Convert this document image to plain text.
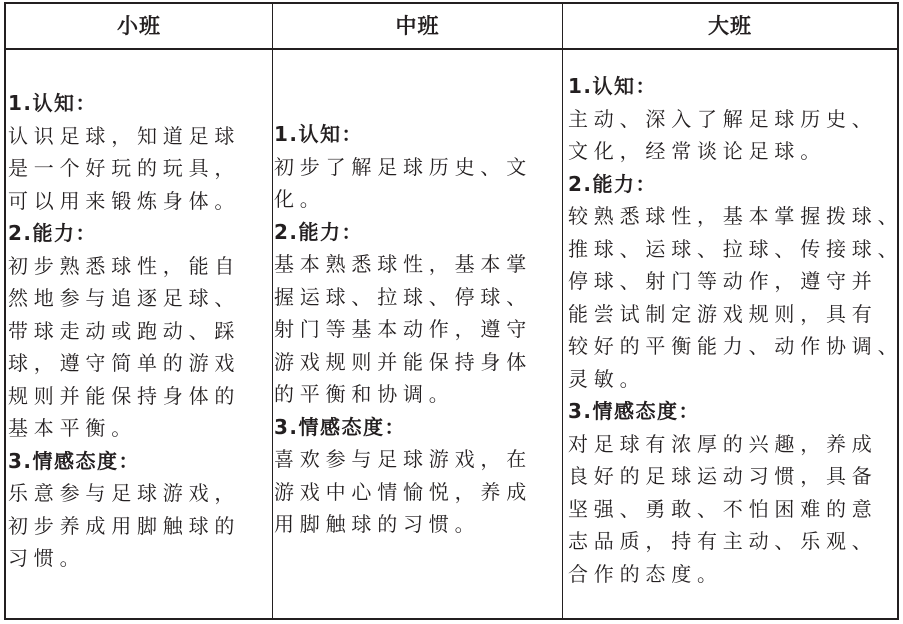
小班	中班	大班
1.认知：
认识足球，知道足球
是一个好玩的玩具，
可以用来锻炼身体。
2.能力：
初步熟悉球性，能自
然地参与追逐足球、
带球走动或跑动、踩
球，遵守简单的游戏
规则并能保持身体的
基本平衡。
3.情感态度：
乐意参与足球游戏，
初步养成用脚触球的
习惯。
1.认知：
初步了解足球历史、文
化。
2.能力：
基本熟悉球性，基本掌
握运球、拉球、停球、
射门等基本动作，遵守
游戏规则并能保持身体
的平衡和协调。
3.情感态度：
喜欢参与足球游戏，在
游戏中心情愉悦，养成
用脚触球的习惯。
1.认知：
主动、深入了解足球历史、
文化，经常谈论足球。
2.能力：
较熟悉球性，基本掌握拨球、
推球、运球、拉球、传接球、
停球、射门等动作，遵守并
能尝试制定游戏规则，具有
较好的平衡能力、动作协调、
灵敏。
3.情感态度：
对足球有浓厚的兴趣，养成
良好的足球运动习惯，具备
坚强、勇敢、不怕困难的意
志品质，持有主动、乐观、
合作的态度。
